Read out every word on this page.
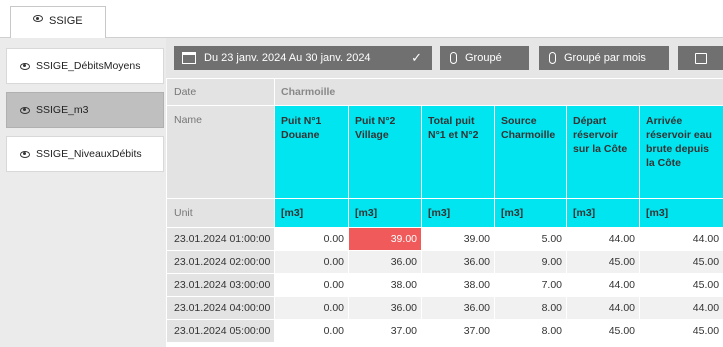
SSIGE
SSIGE_DébitsMoyens
SSIGE_m3
SSIGE_NiveauxDébits
Du 23 janv. 2024 Au 30 janv. 2024	✓	Groupé	Groupé par mois
Date	Charmoille					
Name	Puit N°1 Douane	Puit N°2 Village	Total puit N°1 et N°2	Source Charmoille	Départ réservoir sur la Côte	Arrivée réservoir eau brute depuis la Côte
Unit	[m3]	[m3]	[m3]	[m3]	[m3]	[m3]
23.01.2024 01:00:00	0.00	39.00	39.00	5.00	44.00	44.00
23.01.2024 02:00:00	0.00	36.00	36.00	9.00	45.00	45.00
23.01.2024 03:00:00	0.00	38.00	38.00	7.00	44.00	45.00
23.01.2024 04:00:00	0.00	36.00	36.00	8.00	44.00	44.00
23.01.2024 05:00:00	0.00	37.00	37.00	8.00	45.00	45.00
